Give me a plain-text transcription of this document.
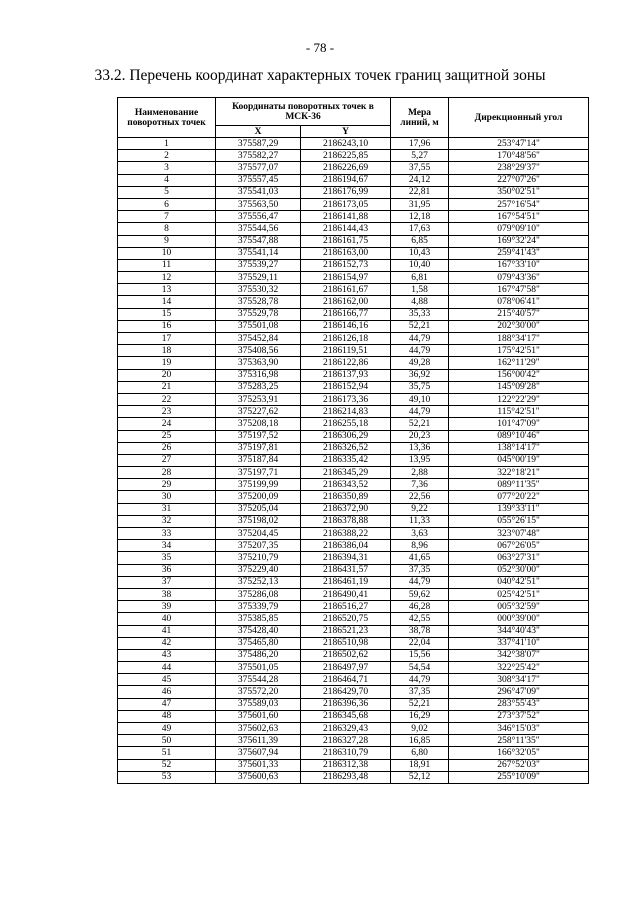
- 78 -
33.2. Перечень координат характерных точек границ защитной зоны
Наименование поворотных точек	Координаты поворотных точек в МСК-36		Мера линий, м	Дирекционный угол
	X	Y		
1	375587,29	2186243,10	17,96	253°47'14"
2	375582,27	2186225,85	5,27	170°48'56"
3	375577,07	2186226,69	37,55	238°29'37"
4	375557,45	2186194,67	24,12	227°07'26"
5	375541,03	2186176,99	22,81	350°02'51"
6	375563,50	2186173,05	31,95	257°16'54"
7	375556,47	2186141,88	12,18	167°54'51"
8	375544,56	2186144,43	17,63	079°09'10"
9	375547,88	2186161,75	6,85	169°32'24"
10	375541,14	2186163,00	10,43	259°41'43"
11	375539,27	2186152,73	10,40	167°33'10"
12	375529,11	2186154,97	6,81	079°43'36"
13	375530,32	2186161,67	1,58	167°47'58"
14	375528,78	2186162,00	4,88	078°06'41"
15	375529,78	2186166,77	35,33	215°40'57"
16	375501,08	2186146,16	52,21	202°30'00"
17	375452,84	2186126,18	44,79	188°34'17"
18	375408,56	2186119,51	44,79	175°42'51"
19	375363,90	2186122,86	49,28	162°11'29"
20	375316,98	2186137,93	36,92	156°00'42"
21	375283,25	2186152,94	35,75	145°09'28"
22	375253,91	2186173,36	49,10	122°22'29"
23	375227,62	2186214,83	44,79	115°42'51"
24	375208,18	2186255,18	52,21	101°47'09"
25	375197,52	2186306,29	20,23	089°10'46"
26	375197,81	2186326,52	13,36	138°14'17"
27	375187,84	2186335,42	13,95	045°00'19"
28	375197,71	2186345,29	2,88	322°18'21"
29	375199,99	2186343,52	7,36	089°11'35"
30	375200,09	2186350,89	22,56	077°20'22"
31	375205,04	2186372,90	9,22	139°33'11"
32	375198,02	2186378,88	11,33	055°26'15"
33	375204,45	2186388,22	3,63	323°07'48"
34	375207,35	2186386,04	8,96	067°26'05"
35	375210,79	2186394,31	41,65	063°27'31"
36	375229,40	2186431,57	37,35	052°30'00"
37	375252,13	2186461,19	44,79	040°42'51"
38	375286,08	2186490,41	59,62	025°42'51"
39	375339,79	2186516,27	46,28	005°32'59"
40	375385,85	2186520,75	42,55	000°39'00"
41	375428,40	2186521,23	38,78	344°40'43"
42	375465,80	2186510,98	22,04	337°41'10"
43	375486,20	2186502,62	15,56	342°38'07"
44	375501,05	2186497,97	54,54	322°25'42"
45	375544,28	2186464,71	44,79	308°34'17"
46	375572,20	2186429,70	37,35	296°47'09"
47	375589,03	2186396,36	52,21	283°55'43"
48	375601,60	2186345,68	16,29	273°37'52"
49	375602,63	2186329,43	9,02	346°15'03"
50	375611,39	2186327,28	16,85	258°11'35"
51	375607,94	2186310,79	6,80	166°32'05"
52	375601,33	2186312,38	18,91	267°52'03"
53	375600,63	2186293,48	52,12	255°10'09"
